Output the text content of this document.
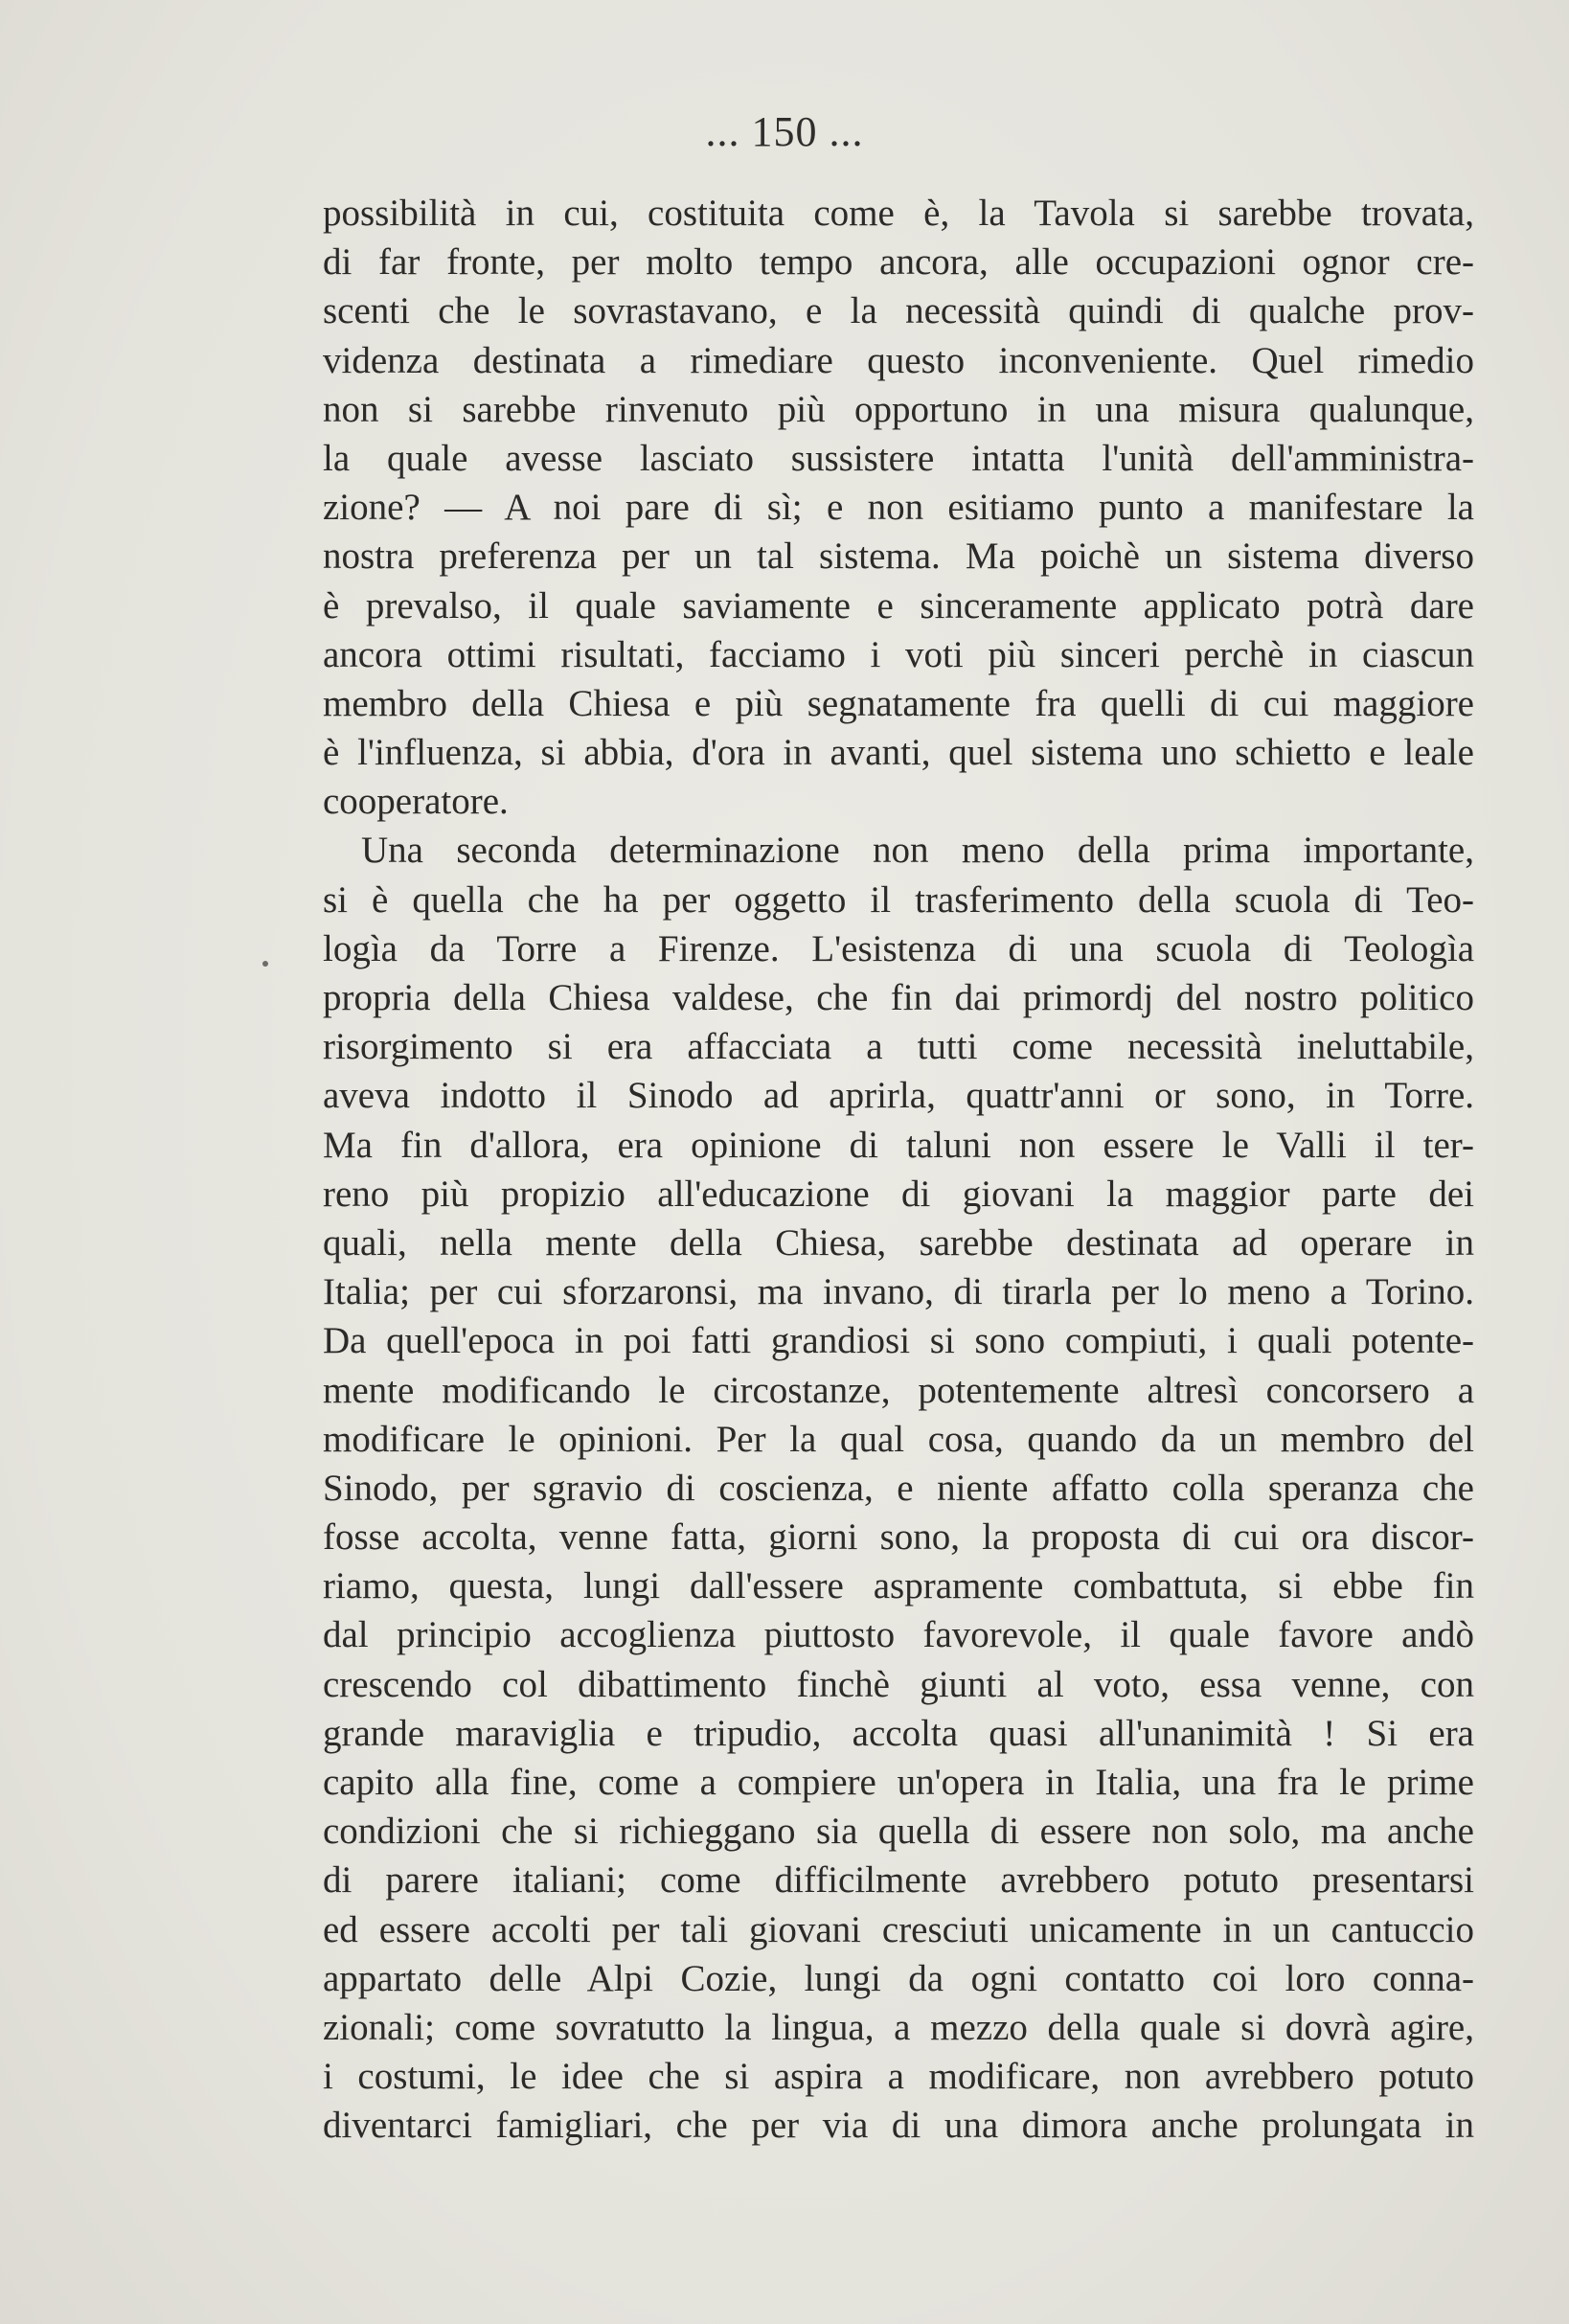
... 150 ...
possibilità in cui, costituita come è, la Tavola si sarebbe trovata,
di far fronte, per molto tempo ancora, alle occupazioni ognor cre-
scenti che le sovrastavano, e la necessità quindi di qualche prov-
videnza destinata a rimediare questo inconveniente. Quel rimedio
non si sarebbe rinvenuto più opportuno in una misura qualunque,
la quale avesse lasciato sussistere intatta l'unità dell'amministra-
zione? — A noi pare di sì; e non esitiamo punto a manifestare la
nostra preferenza per un tal sistema. Ma poichè un sistema diverso
è prevalso, il quale saviamente e sinceramente applicato potrà dare
ancora ottimi risultati, facciamo i voti più sinceri perchè in ciascun
membro della Chiesa e più segnatamente fra quelli di cui maggiore
è l'influenza, si abbia, d'ora in avanti, quel sistema uno schietto e leale
cooperatore.
Una seconda determinazione non meno della prima importante,
si è quella che ha per oggetto il trasferimento della scuola di Teo-
logìa da Torre a Firenze. L'esistenza di una scuola di Teologìa
propria della Chiesa valdese, che fin dai primordj del nostro politico
risorgimento si era affacciata a tutti come necessità ineluttabile,
aveva indotto il Sinodo ad aprirla, quattr'anni or sono, in Torre.
Ma fin d'allora, era opinione di taluni non essere le Valli il ter-
reno più propizio all'educazione di giovani la maggior parte dei
quali, nella mente della Chiesa, sarebbe destinata ad operare in
Italia; per cui sforzaronsi, ma invano, di tirarla per lo meno a Torino.
Da quell'epoca in poi fatti grandiosi si sono compiuti, i quali potente-
mente modificando le circostanze, potentemente altresì concorsero a
modificare le opinioni. Per la qual cosa, quando da un membro del
Sinodo, per sgravio di coscienza, e niente affatto colla speranza che
fosse accolta, venne fatta, giorni sono, la proposta di cui ora discor-
riamo, questa, lungi dall'essere aspramente combattuta, si ebbe fin
dal principio accoglienza piuttosto favorevole, il quale favore andò
crescendo col dibattimento finchè giunti al voto, essa venne, con
grande maraviglia e tripudio, accolta quasi all'unanimità ! Si era
capito alla fine, come a compiere un'opera in Italia, una fra le prime
condizioni che si richieggano sia quella di essere non solo, ma anche
di parere italiani; come difficilmente avrebbero potuto presentarsi
ed essere accolti per tali giovani cresciuti unicamente in un cantuccio
appartato delle Alpi Cozie, lungi da ogni contatto coi loro conna-
zionali; come sovratutto la lingua, a mezzo della quale si dovrà agire,
i costumi, le idee che si aspira a modificare, non avrebbero potuto
diventarci famigliari, che per via di una dimora anche prolungata in
